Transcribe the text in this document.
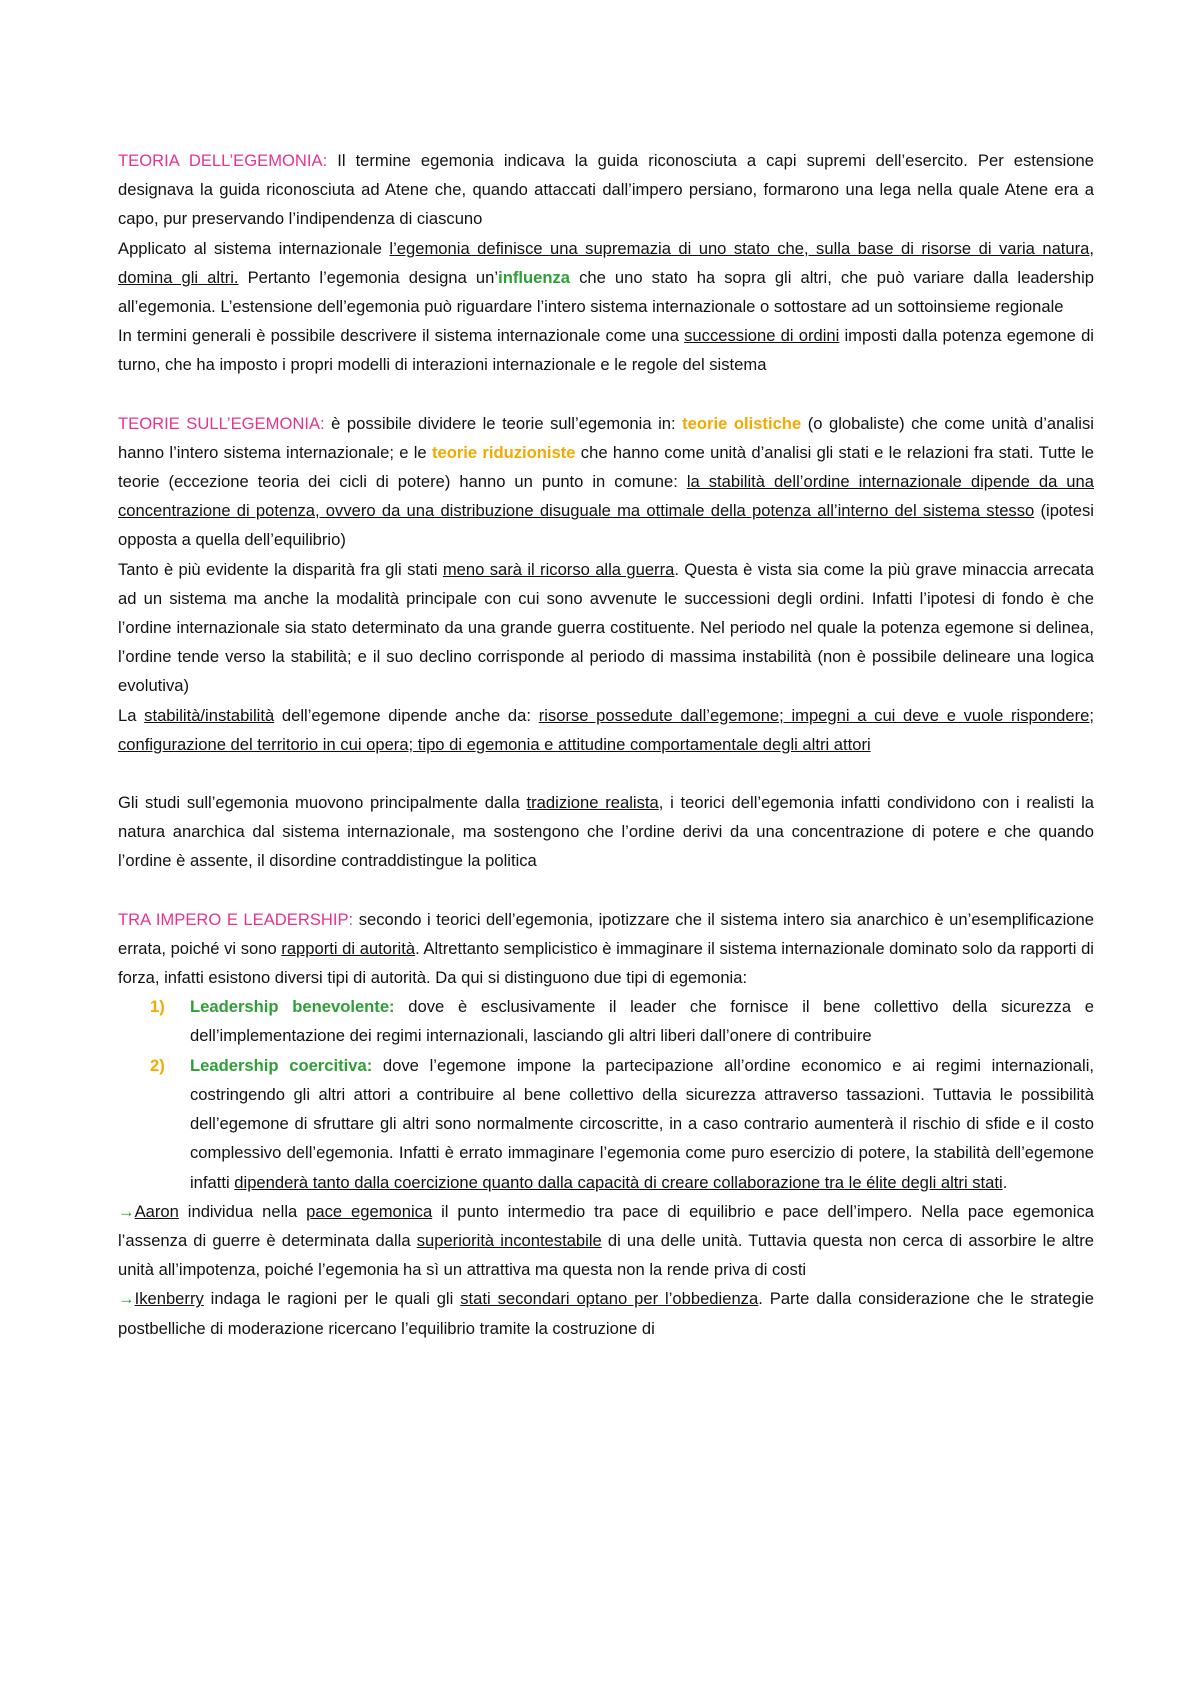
TEORIA DELL’EGEMONIA: Il termine egemonia indicava la guida riconosciuta a capi supremi dell’esercito. Per estensione designava la guida riconosciuta ad Atene che, quando attaccati dall’impero persiano, formarono una lega nella quale Atene era a capo, pur preservando l’indipendenza di ciascuno

Applicato al sistema internazionale l’egemonia definisce una supremazia di uno stato che, sulla base di risorse di varia natura, domina gli altri. Pertanto l’egemonia designa un’influenza che uno stato ha sopra gli altri, che può variare dalla leadership all’egemonia. L’estensione dell’egemonia può riguardare l’intero sistema internazionale o sottostare ad un sottoinsieme regionale

In termini generali è possibile descrivere il sistema internazionale come una successione di ordini imposti dalla potenza egemone di turno, che ha imposto i propri modelli di interazioni internazionale e le regole del sistema

TEORIE SULL’EGEMONIA: è possibile dividere le teorie sull’egemonia in: teorie olistiche (o globaliste) che come unità d’analisi hanno l’intero sistema internazionale; e le teorie riduzioniste che hanno come unità d’analisi gli stati e le relazioni fra stati. Tutte le teorie (eccezione teoria dei cicli di potere) hanno un punto in comune: la stabilità dell’ordine internazionale dipende da una concentrazione di potenza, ovvero da una distribuzione disuguale ma ottimale della potenza all’interno del sistema stesso (ipotesi opposta a quella dell’equilibrio)

Tanto è più evidente la disparità fra gli stati meno sarà il ricorso alla guerra. Questa è vista sia come la più grave minaccia arrecata ad un sistema ma anche la modalità principale con cui sono avvenute le successioni degli ordini. Infatti l’ipotesi di fondo è che l’ordine internazionale sia stato determinato da una grande guerra costituente. Nel periodo nel quale la potenza egemone si delinea, l’ordine tende verso la stabilità; e il suo declino corrisponde al periodo di massima instabilità (non è possibile delineare una logica evolutiva)

La stabilità/instabilità dell’egemone dipende anche da: risorse possedute dall’egemone; impegni a cui deve e vuole rispondere; configurazione del territorio in cui opera; tipo di egemonia e attitudine comportamentale degli altri attori

Gli studi sull’egemonia muovono principalmente dalla tradizione realista, i teorici dell’egemonia infatti condividono con i realisti la natura anarchica dal sistema internazionale, ma sostengono che l’ordine derivi da una concentrazione di potere e che quando l’ordine è assente, il disordine contraddistingue la politica

TRA IMPERO E LEADERSHIP: secondo i teorici dell’egemonia, ipotizzare che il sistema intero sia anarchico è un’esemplificazione errata, poiché vi sono rapporti di autorità. Altrettanto semplicistico è immaginare il sistema internazionale dominato solo da rapporti di forza, infatti esistono diversi tipi di autorità. Da qui si distinguono due tipi di egemonia:

1) Leadership benevolente: dove è esclusivamente il leader che fornisce il bene collettivo della sicurezza e dell’implementazione dei regimi internazionali, lasciando gli altri liberi dall’onere di contribuire
2) Leadership coercitiva: dove l’egemone impone la partecipazione all’ordine economico e ai regimi internazionali, costringendo gli altri attori a contribuire al bene collettivo della sicurezza attraverso tassazioni. Tuttavia le possibilità dell’egemone di sfruttare gli altri sono normalmente circoscritte, in a caso contrario aumenterà il rischio di sfide e il costo complessivo dell’egemonia. Infatti è errato immaginare l’egemonia come puro esercizio di potere, la stabilità dell’egemone infatti dipenderà tanto dalla coercizione quanto dalla capacità di creare collaborazione tra le élite degli altri stati.

→Aaron individua nella pace egemonica il punto intermedio tra pace di equilibrio e pace dell’impero. Nella pace egemonica l’assenza di guerre è determinata dalla superiorità incontestabile di una delle unità. Tuttavia questa non cerca di assorbire le altre unità all’impotenza, poiché l’egemonia ha sì un attrattiva ma questa non la rende priva di costi

→Ikenberry indaga le ragioni per le quali gli stati secondari optano per l’obbedienza. Parte dalla considerazione che le strategie postbelliche di moderazione ricercano l’equilibrio tramite la costruzione di
